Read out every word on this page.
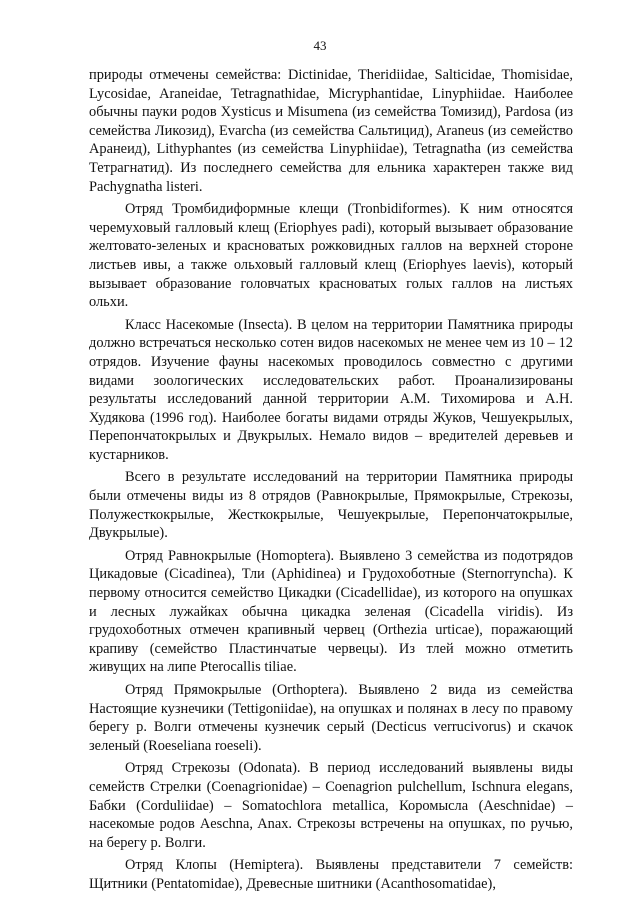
43

природы отмечены семейства: Dictinidae, Theridiidae, Salticidae, Thomisidae, Lycosidae, Araneidae, Tetragnathidae, Micryphantidae, Linyphiidae. Наиболее обычны пауки родов Xysticus и Misumena (из семейства Томизид), Pardosa (из семейства Ликозид), Evarcha (из семейства Сальтицид), Araneus (из семейство Аранеид), Lithyphantes (из семейства Linyphiidae), Tetragnatha (из семейства Тетрагнатид). Из последнего семейства для ельника характерен также вид Pachygnatha listeri.

Отряд Тромбидиформные клещи (Tronbidiformes). К ним относятся черемуховый галловый клещ (Eriophyes padi), который вызывает образование желтовато-зеленых и красноватых рожковидных галлов на верхней стороне листьев ивы, а также ольховый галловый клещ (Eriophyes laevis), который вызывает образование головчатых красноватых голых галлов на листьях ольхи.

Класс Насекомые (Insecta). В целом на территории Памятника природы должно встречаться несколько сотен видов насекомых не менее чем из 10 – 12 отрядов. Изучение фауны насекомых проводилось совместно с другими видами зоологических исследовательских работ. Проанализированы результаты исследований данной территории А.М. Тихомирова и А.Н. Худякова (1996 год). Наиболее богаты видами отряды Жуков, Чешуекрылых, Перепончатокрылых и Двукрылых. Немало видов – вредителей деревьев и кустарников.

Всего в результате исследований на территории Памятника природы были отмечены виды из 8 отрядов (Равнокрылые, Прямокрылые, Стрекозы, Полужесткокрылые, Жесткокрылые, Чешуекрылые, Перепончатокрылые, Двукрылые).

Отряд Равнокрылые (Homoptera). Выявлено 3 семейства из подотрядов Цикадовые (Cicadinea), Тли (Aphidinea) и Грудохоботные (Sternorryncha). К первому относится семейство Цикадки (Cicadellidae), из которого на опушках и лесных лужайках обычна цикадка зеленая (Cicadella viridis). Из грудохоботных отмечен крапивный червец (Orthezia urticae), поражающий крапиву (семейство Пластинчатые червецы). Из тлей можно отметить живущих на липе Pterocallis tiliae.

Отряд Прямокрылые (Orthoptera). Выявлено 2 вида из семейства Настоящие кузнечики (Tettigoniidae), на опушках и полянах в лесу по правому берегу р. Волги отмечены кузнечик серый (Decticus verrucivorus) и скачок зеленый (Roeseliana roeseli).

Отряд Стрекозы (Odonata). В период исследований выявлены виды семейств Стрелки (Coenagrionidae) – Coenagrion pulchellum, Ischnura elegans, Бабки (Corduliidae) – Somatochlora metallica, Коромысла (Aeschnidae) – насекомые родов Aeschna, Anax. Стрекозы встречены на опушках, по ручью, на берегу р. Волги.

Отряд Клопы (Hemiptera). Выявлены представители 7 семейств: Щитники (Pentatomidae), Древесные шитники (Acanthosomatidae),
